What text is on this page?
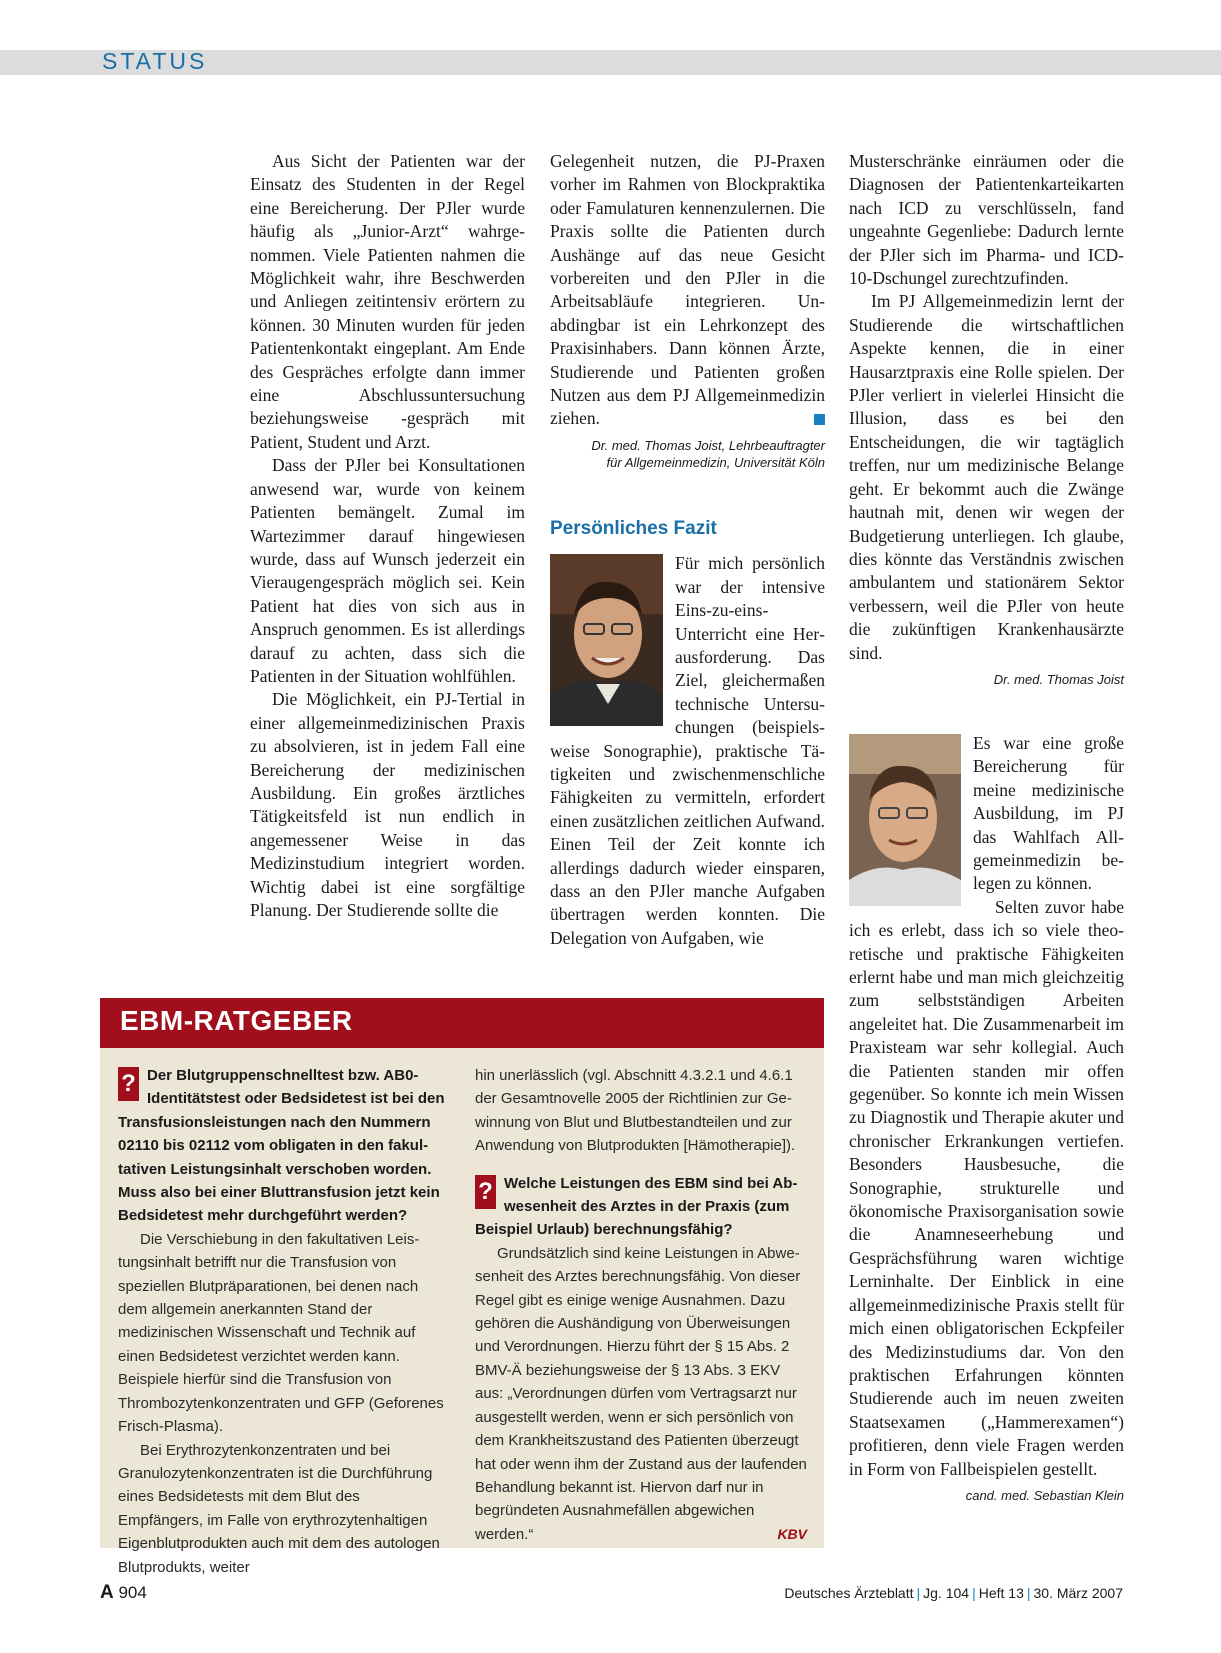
STATUS

Aus Sicht der Patienten war der Einsatz des Studenten in der Regel eine Bereicherung. Der PJler wurde häufig als „Junior-Arzt“ wahrgenommen. Viele Patienten nahmen die Möglichkeit wahr, ihre Beschwerden und Anliegen zeitintensiv erörtern zu können. 30 Minuten wurden für jeden Patientenkontakt eingeplant. Am Ende des Gespräches erfolgte dann immer eine Abschlussuntersuchung beziehungsweise -gespräch mit Patient, Student und Arzt.

Dass der PJler bei Konsultationen anwesend war, wurde von keinem Patienten bemängelt. Zumal im Wartezimmer darauf hingewiesen wurde, dass auf Wunsch jederzeit ein Vieraugengespräch möglich sei. Kein Patient hat dies von sich aus in Anspruch genommen. Es ist allerdings darauf zu achten, dass sich die Patienten in der Situation wohlfühlen.

Die Möglichkeit, ein PJ-Tertial in einer allgemeinmedizinischen Praxis zu absolvieren, ist in jedem Fall eine Bereicherung der medizinischen Ausbildung. Ein großes ärztliches Tätigkeitsfeld ist nun endlich in angemessener Weise in das Medizinstudium integriert worden. Wichtig dabei ist eine sorgfältige Planung. Der Studierende sollte die

Gelegenheit nutzen, die PJ-Praxen vorher im Rahmen von Blockpraktika oder Famulaturen kennenzulernen. Die Praxis sollte die Patienten durch Aushänge auf das neue Gesicht vorbereiten und den PJler in die Arbeitsabläufe integrieren. Unabdingbar ist ein Lehrkonzept des Praxisinhabers. Dann können Ärzte, Studierende und Patienten großen Nutzen aus dem PJ Allgemeinmedizin ziehen.

Dr. med. Thomas Joist, Lehrbeauftragter
für Allgemeinmedizin, Universität Köln
Persönliches Fazit

Für mich persönlich war der intensive Eins-zu-eins-Unterricht eine Herausforderung. Das Ziel, gleichermaßen technische Untersuchungen (beispielsweise Sonographie), praktische Tätigkeiten und zwischenmenschliche Fähigkeiten zu vermitteln, erfordert einen zusätzlichen zeitlichen Aufwand. Einen Teil der Zeit konnte ich allerdings dadurch wieder einsparen, dass an den PJler manche Aufgaben übertragen werden konnten. Die Delegation von Aufgaben, wie

Musterschränke einräumen oder die Diagnosen der Patientenkarteikarten nach ICD zu verschlüsseln, fand ungeahnte Gegenliebe: Dadurch lernte der PJler sich im Pharma- und ICD-10-Dschungel zurechtzufinden.

Im PJ Allgemeinmedizin lernt der Studierende die wirtschaftlichen Aspekte kennen, die in einer Hausarztpraxis eine Rolle spielen. Der PJler verliert in vielerlei Hinsicht die Illusion, dass es bei den Entscheidungen, die wir tagtäglich treffen, nur um medizinische Belange geht. Er bekommt auch die Zwänge hautnah mit, denen wir wegen der Budgetierung unterliegen. Ich glaube, dies könnte das Verständnis zwischen ambulantem und stationärem Sektor verbessern, weil die PJler von heute die zukünftigen Krankenhausärzte sind.

Dr. med. Thomas Joist

Es war eine große Bereicherung für meine medizinische Ausbildung, im PJ das Wahlfach Allgemeinmedizin belegen zu können.

Selten zuvor habe ich es erlebt, dass ich so viele theoretische und praktische Fähigkeiten erlernt habe und man mich gleichzeitig zum selbstständigen Arbeiten angeleitet hat. Die Zusammenarbeit im Praxisteam war sehr kollegial. Auch die Patienten standen mir offen gegenüber. So konnte ich mein Wissen zu Diagnostik und Therapie akuter und chronischer Erkrankungen vertiefen. Besonders Hausbesuche, die Sonographie, strukturelle und ökonomische Praxisorganisation sowie die Anamneseerhebung und Gesprächsführung waren wichtige Lerninhalte. Der Einblick in eine allgemeinmedizinische Praxis stellt für mich einen obligatorischen Eckpfeiler des Medizinstudiums dar. Von den praktischen Erfahrungen könnten Studierende auch im neuen zweiten Staatsexamen („Hammerexamen“) profitieren, denn viele Fragen werden in Form von Fallbeispielen gestellt.

cand. med. Sebastian Klein
EBM-RATGEBER

? Der Blutgruppenschnelltest bzw. AB0-Identitätstest oder Bedsidetest ist bei den Transfusionsleistungen nach den Nummern 02110 bis 02112 vom obligaten in den fakultativen Leistungsinhalt verschoben worden. Muss also bei einer Bluttransfusion jetzt kein Bedsidetest mehr durchgeführt werden?

Die Verschiebung in den fakultativen Leistungsinhalt betrifft nur die Transfusion von speziellen Blutpräparationen, bei denen nach dem allgemein anerkannten Stand der medizinischen Wissenschaft und Technik auf einen Bedsidetest verzichtet werden kann. Beispiele hierfür sind die Transfusion von Thrombozytenkonzentraten und GFP (Geforenes Frisch-Plasma).

Bei Erythrozytenkonzentraten und bei Granulozytenkonzentraten ist die Durchführung eines Bedsidetests mit dem Blut des Empfängers, im Falle von erythrozytenhaltigen Eigenblutprodukten auch mit dem des autologen Blutprodukts, weiter

hin unerlässlich (vgl. Abschnitt 4.3.2.1 und 4.6.1 der Gesamtnovelle 2005 der Richtlinien zur Gewinnung von Blut und Blutbestandteilen und zur Anwendung von Blutprodukten [Hämotherapie]).

? Welche Leistungen des EBM sind bei Abwesenheit des Arztes in der Praxis (zum Beispiel Urlaub) berechnungsfähig?

Grundsätzlich sind keine Leistungen in Abwesenheit des Arztes berechnungsfähig. Von dieser Regel gibt es einige wenige Ausnahmen. Dazu gehören die Aushändigung von Überweisungen und Verordnungen. Hierzu führt der § 15 Abs. 2 BMV-Ä beziehungsweise der § 13 Abs. 3 EKV aus: „Verordnungen dürfen vom Vertragsarzt nur ausgestellt werden, wenn er sich persönlich von dem Krankheitszustand des Patienten überzeugt hat oder wenn ihm der Zustand aus der laufenden Behandlung bekannt ist. Hiervon darf nur in begründeten Ausnahmefällen abgewichen werden.“	KBV

A 904	Deutsches Ärzteblatt | Jg. 104 | Heft 13 | 30. März 2007
